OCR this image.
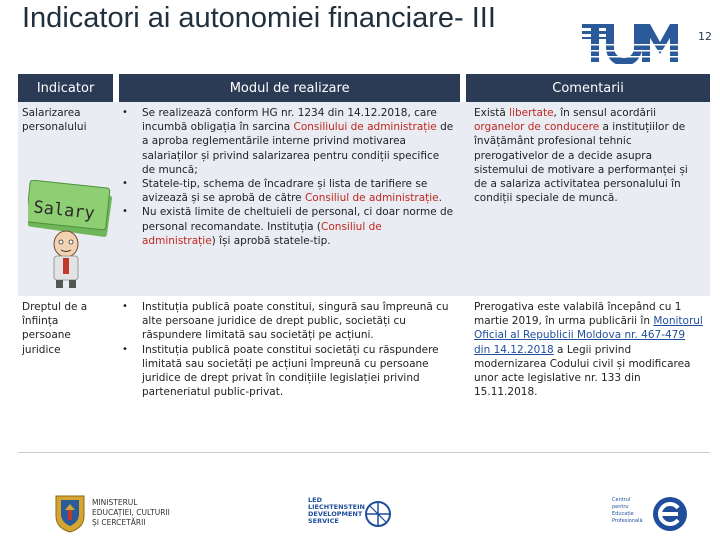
Indicatori ai autonomiei financiare- III
12
Indicator	Modul de realizare	Comentarii
Salarizarea personalului
Salary
• Se realizează conform HG nr. 1234 din 14.12.2018, care incumbă obligația în sarcina Consiliului de administrație de a aproba reglementările interne privind motivarea salariaților și privind salarizarea pentru condiții specifice de muncă;
• Statele-tip, schema de încadrare și lista de tarifiere se avizează și se aprobă de către Consiliul de administrație.
• Nu există limite de cheltuieli de personal, ci doar norme de personal recomandate. Instituția (Consiliul de administrație) își aprobă statele-tip.
Există libertate, în sensul acordării organelor de conducere a instituțiilor de învățământ profesional tehnic prerogativelor de a decide asupra sistemului de motivare a performanței și de a salariza activitatea personalului în condiții speciale de muncă.
Dreptul de a înființa persoane juridice
• Instituția publică poate constitui, singură sau împreună cu alte persoane juridice de drept public, societăți cu răspundere limitată sau societăți pe acțiuni.
• Instituția publică poate constitui societăți cu răspundere limitată sau societăți pe acțiuni împreună cu persoane juridice de drept privat în condițiile legislației privind parteneriatul public-privat.
Prerogativa este valabilă începând cu 1 martie 2019, în urma publicării în Monitorul Oficial al Republicii Moldova nr. 467-479 din 14.12.2018 a Legii privind modernizarea Codului civil și modificarea unor acte legislative nr. 133 din 15.11.2018.
MINISTERUL
EDUCAȚIEI, CULTURII
ȘI CERCETĂRII
LED
LIECHTENSTEIN
DEVELOPMENT
SERVICE
Centrul
pentru
Educație
Profesională
